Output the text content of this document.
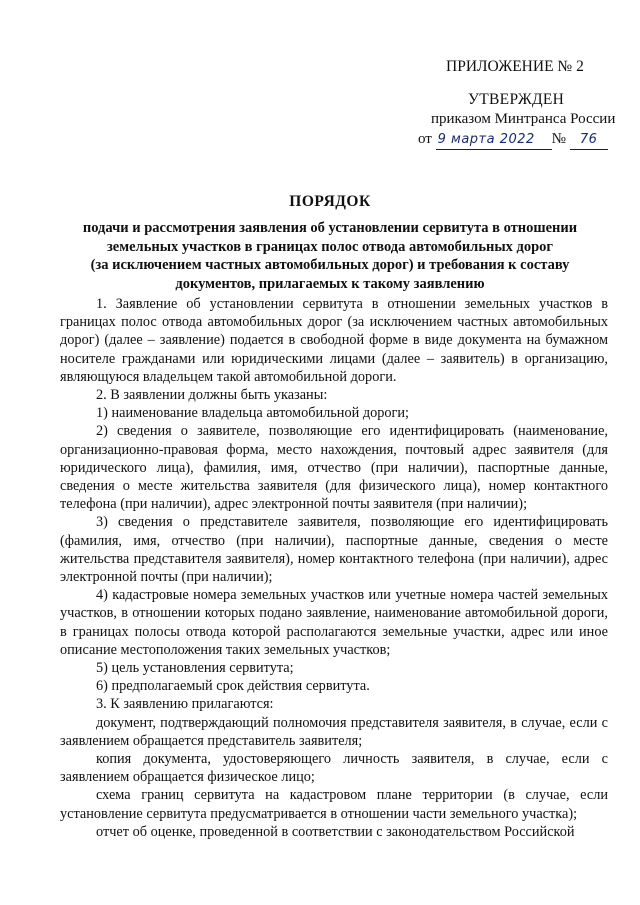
ПРИЛОЖЕНИЕ № 2
УТВЕРЖДЕН
приказом Минтранса России
от 9 марта 2022 № 76
ПОРЯДОК
подачи и рассмотрения заявления об установлении сервитута в отношении
земельных участков в границах полос отвода автомобильных дорог
(за исключением частных автомобильных дорог) и требования к составу
документов, прилагаемых к такому заявлению

1. Заявление об установлении сервитута в отношении земельных участков в границах полос отвода автомобильных дорог (за исключением частных автомобильных дорог) (далее – заявление) подается в свободной форме в виде документа на бумажном носителе гражданами или юридическими лицами (далее – заявитель) в организацию, являющуюся владельцем такой автомобильной дороги.

2. В заявлении должны быть указаны:

1) наименование владельца автомобильной дороги;

2) сведения о заявителе, позволяющие его идентифицировать (наименование, организационно-правовая форма, место нахождения, почтовый адрес заявителя (для юридического лица), фамилия, имя, отчество (при наличии), паспортные данные, сведения о месте жительства заявителя (для физического лица), номер контактного телефона (при наличии), адрес электронной почты заявителя (при наличии);

3) сведения о представителе заявителя, позволяющие его идентифицировать (фамилия, имя, отчество (при наличии), паспортные данные, сведения о месте жительства представителя заявителя), номер контактного телефона (при наличии), адрес электронной почты (при наличии);

4) кадастровые номера земельных участков или учетные номера частей земельных участков, в отношении которых подано заявление, наименование автомобильной дороги, в границах полосы отвода которой располагаются земельные участки, адрес или иное описание местоположения таких земельных участков;

5) цель установления сервитута;

6) предполагаемый срок действия сервитута.

3. К заявлению прилагаются:

документ, подтверждающий полномочия представителя заявителя, в случае, если с заявлением обращается представитель заявителя;

копия документа, удостоверяющего личность заявителя, в случае, если с заявлением обращается физическое лицо;

схема границ сервитута на кадастровом плане территории (в случае, если установление сервитута предусматривается в отношении части земельного участка);

отчет об оценке, проведенной в соответствии с законодательством Российской
